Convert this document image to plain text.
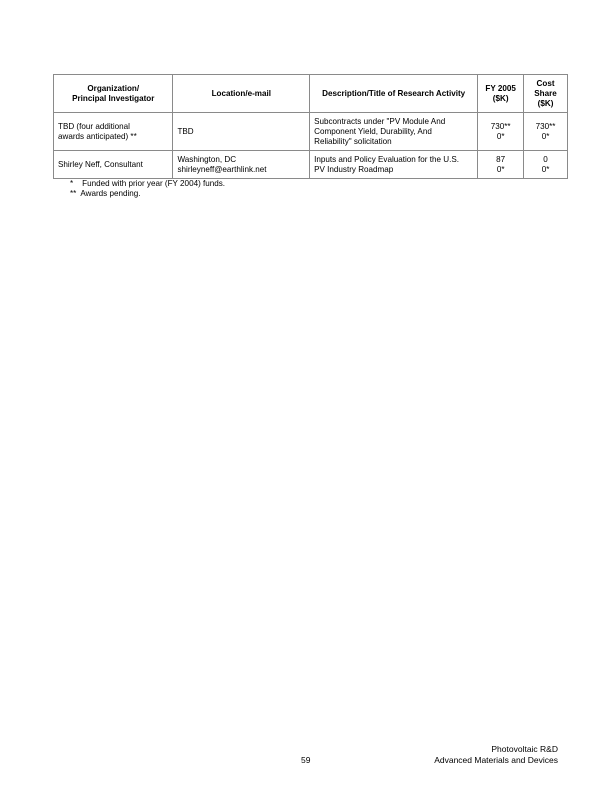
Organization/
Principal Investigator	Location/e-mail	Description/Title of Research Activity	FY 2005
($K)	Cost
Share
($K)

TBD (four additional
awards anticipated) **	TBD	Subcontracts under "PV Module And
Component Yield, Durability, And
Reliability" solicitation	730**
0*	730**
0*

Shirley Neff, Consultant	Washington, DC
shirleyneff@earthlink.net	Inputs and Policy Evaluation for the U.S.
PV Industry Roadmap	87
0*	0
0*
*    Funded with prior year (FY 2004) funds.
**  Awards pending.
59
Photovoltaic R&D
Advanced Materials and Devices
